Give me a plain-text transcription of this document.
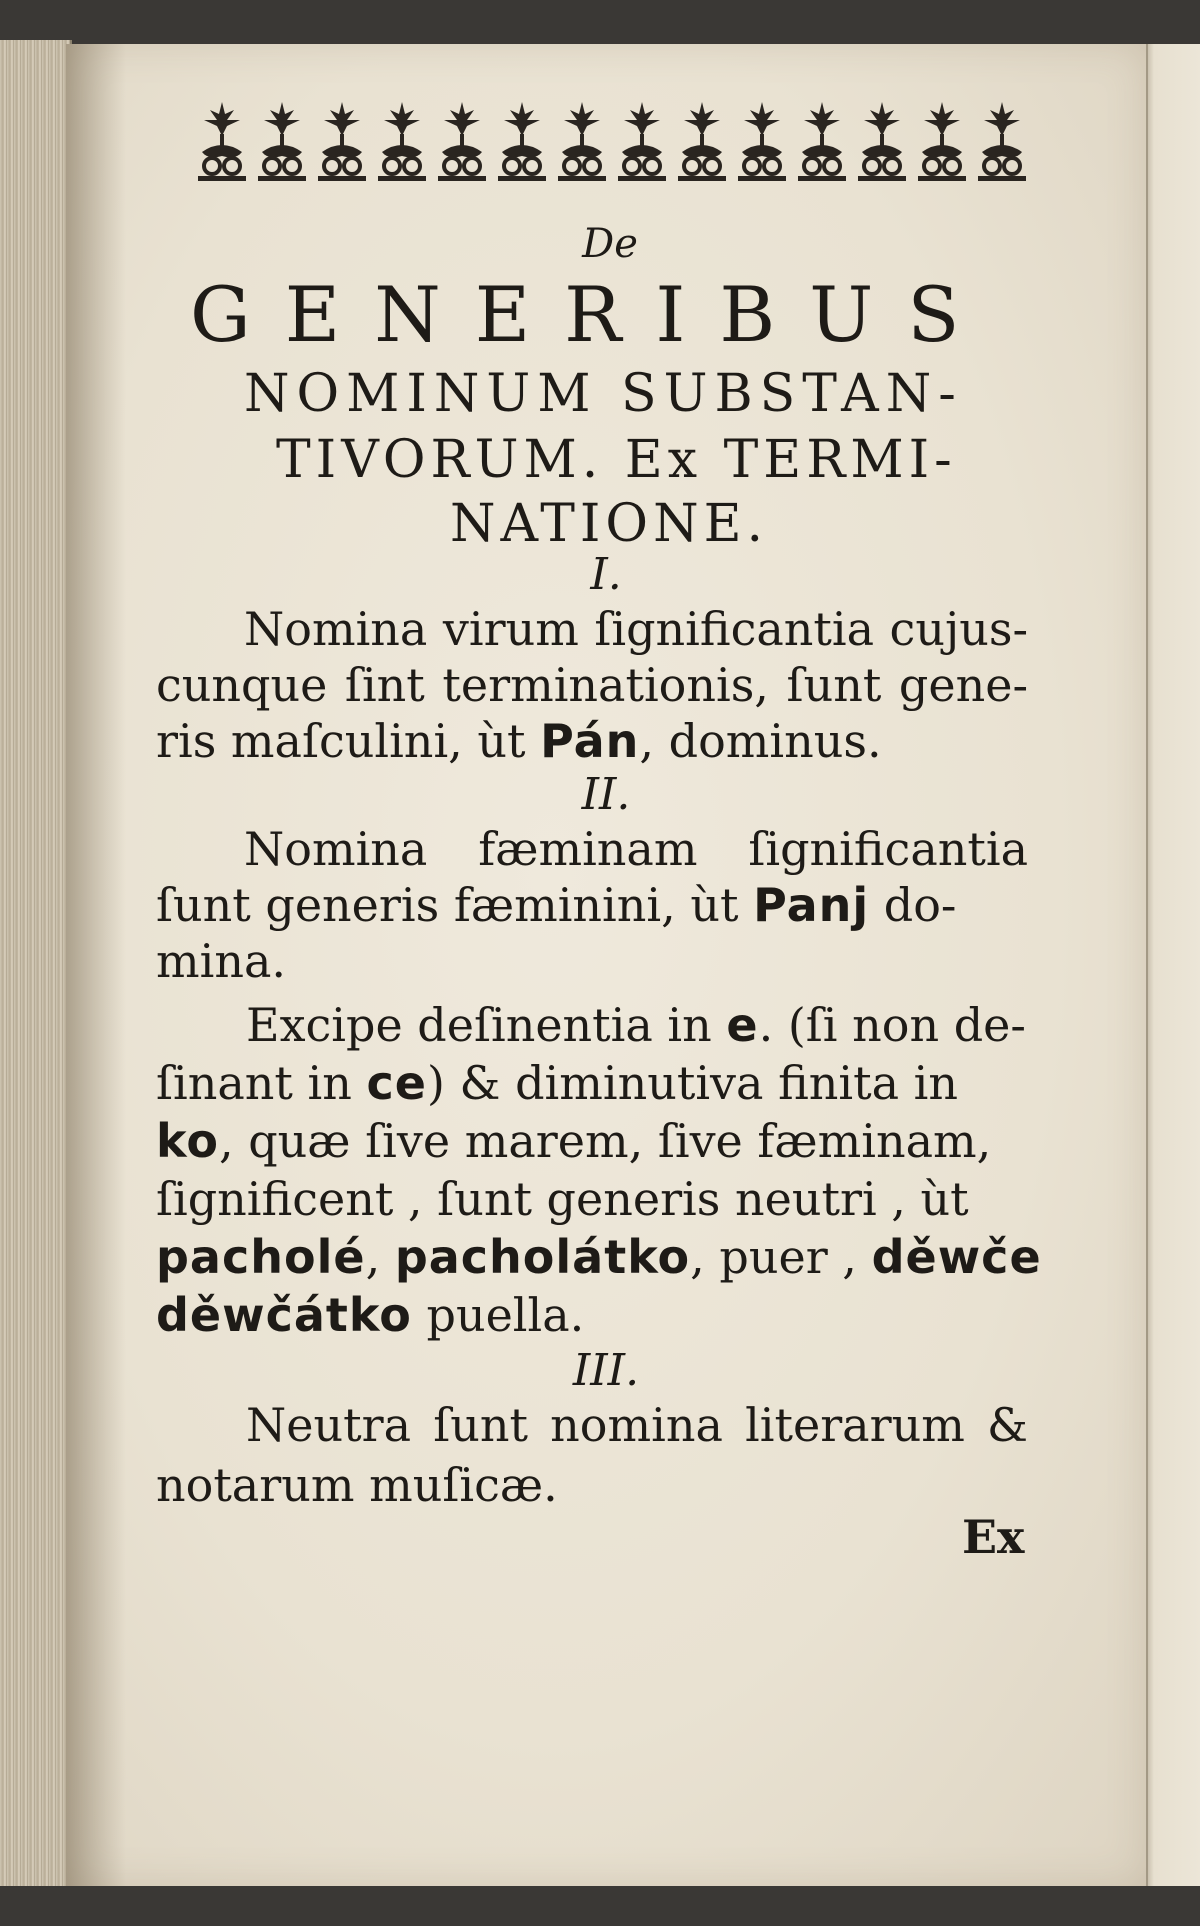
De
GENERIBUS
NOMINUM SUBSTAN-
TIVORUM. Ex TERMI-
NATIONE.
I.
Nomina virum ſignificantia cujus-
cunque ſint terminationis, ſunt gene-
ris maſculini, ùt Pán, dominus.
II.
Nomina fæminam ſignificantia
ſunt generis fæminini, ùt Panj do-
mina.
Excipe deſinentia in e. (ſi non de-
ſinant in ce) & diminutiva finita in
ko, quæ ſive marem, ſive fæminam,
ſignificent , ſunt generis neutri , ùt
pacholé, pacholátko, puer , děwče
děwčátko puella.
III.
Neutra ſunt nomina literarum &
notarum muſicæ.
Ex
